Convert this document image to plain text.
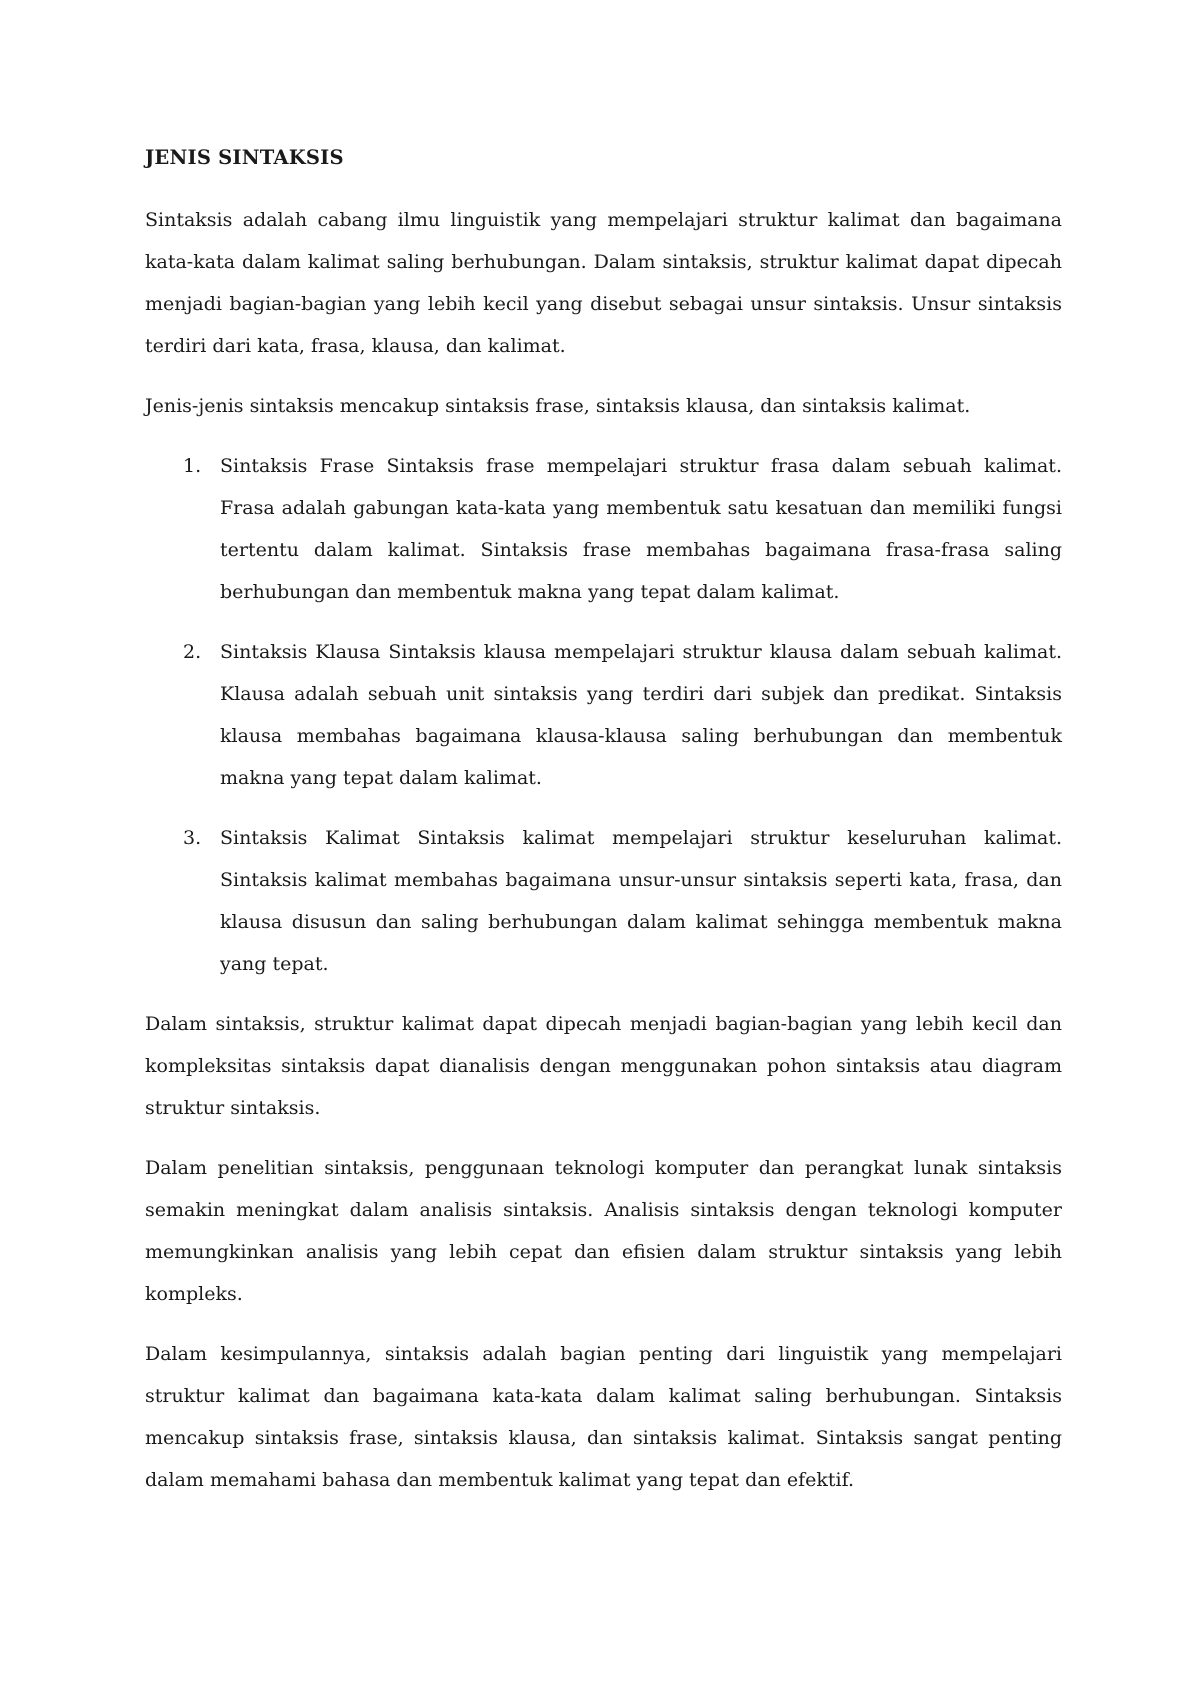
JENIS SINTAKSIS

Sintaksis adalah cabang ilmu linguistik yang mempelajari struktur kalimat dan bagaimana kata-kata dalam kalimat saling berhubungan. Dalam sintaksis, struktur kalimat dapat dipecah menjadi bagian-bagian yang lebih kecil yang disebut sebagai unsur sintaksis. Unsur sintaksis terdiri dari kata, frasa, klausa, dan kalimat.

Jenis-jenis sintaksis mencakup sintaksis frase, sintaksis klausa, dan sintaksis kalimat.

1. Sintaksis Frase Sintaksis frase mempelajari struktur frasa dalam sebuah kalimat. Frasa adalah gabungan kata-kata yang membentuk satu kesatuan dan memiliki fungsi tertentu dalam kalimat. Sintaksis frase membahas bagaimana frasa-frasa saling berhubungan dan membentuk makna yang tepat dalam kalimat.
2. Sintaksis Klausa Sintaksis klausa mempelajari struktur klausa dalam sebuah kalimat. Klausa adalah sebuah unit sintaksis yang terdiri dari subjek dan predikat. Sintaksis klausa membahas bagaimana klausa-klausa saling berhubungan dan membentuk makna yang tepat dalam kalimat.
3. Sintaksis Kalimat Sintaksis kalimat mempelajari struktur keseluruhan kalimat. Sintaksis kalimat membahas bagaimana unsur-unsur sintaksis seperti kata, frasa, dan klausa disusun dan saling berhubungan dalam kalimat sehingga membentuk makna yang tepat.

Dalam sintaksis, struktur kalimat dapat dipecah menjadi bagian-bagian yang lebih kecil dan kompleksitas sintaksis dapat dianalisis dengan menggunakan pohon sintaksis atau diagram struktur sintaksis.

Dalam penelitian sintaksis, penggunaan teknologi komputer dan perangkat lunak sintaksis semakin meningkat dalam analisis sintaksis. Analisis sintaksis dengan teknologi komputer memungkinkan analisis yang lebih cepat dan efisien dalam struktur sintaksis yang lebih kompleks.

Dalam kesimpulannya, sintaksis adalah bagian penting dari linguistik yang mempelajari struktur kalimat dan bagaimana kata-kata dalam kalimat saling berhubungan. Sintaksis mencakup sintaksis frase, sintaksis klausa, dan sintaksis kalimat. Sintaksis sangat penting dalam memahami bahasa dan membentuk kalimat yang tepat dan efektif.
